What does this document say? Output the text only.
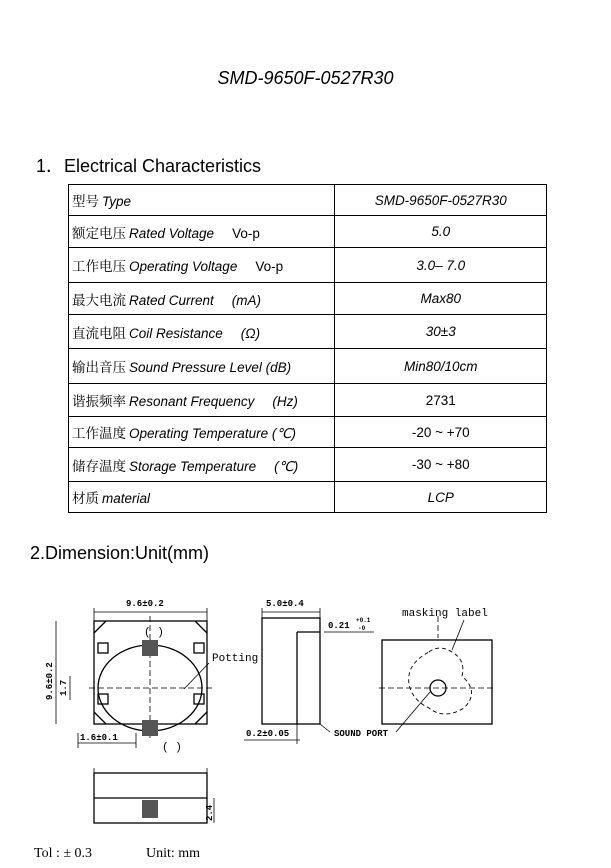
SMD-9650F-0527R30
1．Electrical Characteristics
型号 Type	SMD-9650F-0527R30
额定电压 Rated Voltage Vo-p	5.0
工作电压 Operating Voltage Vo-p	3.0– 7.0
最大电流 Rated Current (mA)	Max80
直流电阻 Coil Resistance (Ω)	30±3
输出音压 Sound Pressure Level (dB)	Min80/10cm
谐振频率 Resonant Frequency (Hz)	2731
工作温度 Operating Temperature (℃)	-20 ~ +70
储存温度 Storage Temperature (℃)	-30 ~ +80
材质 material	LCP
2.Dimension:Unit(mm)
9.6±0.2	5.0±0.4
0.21
+0.1
-0
0.2±0.05
1.6±0.1	SOUND PORT
Potting
masking label
( )
( )
9.6±0.2 1.7
2.4
Tol : ± 0.3	Unit: mm
